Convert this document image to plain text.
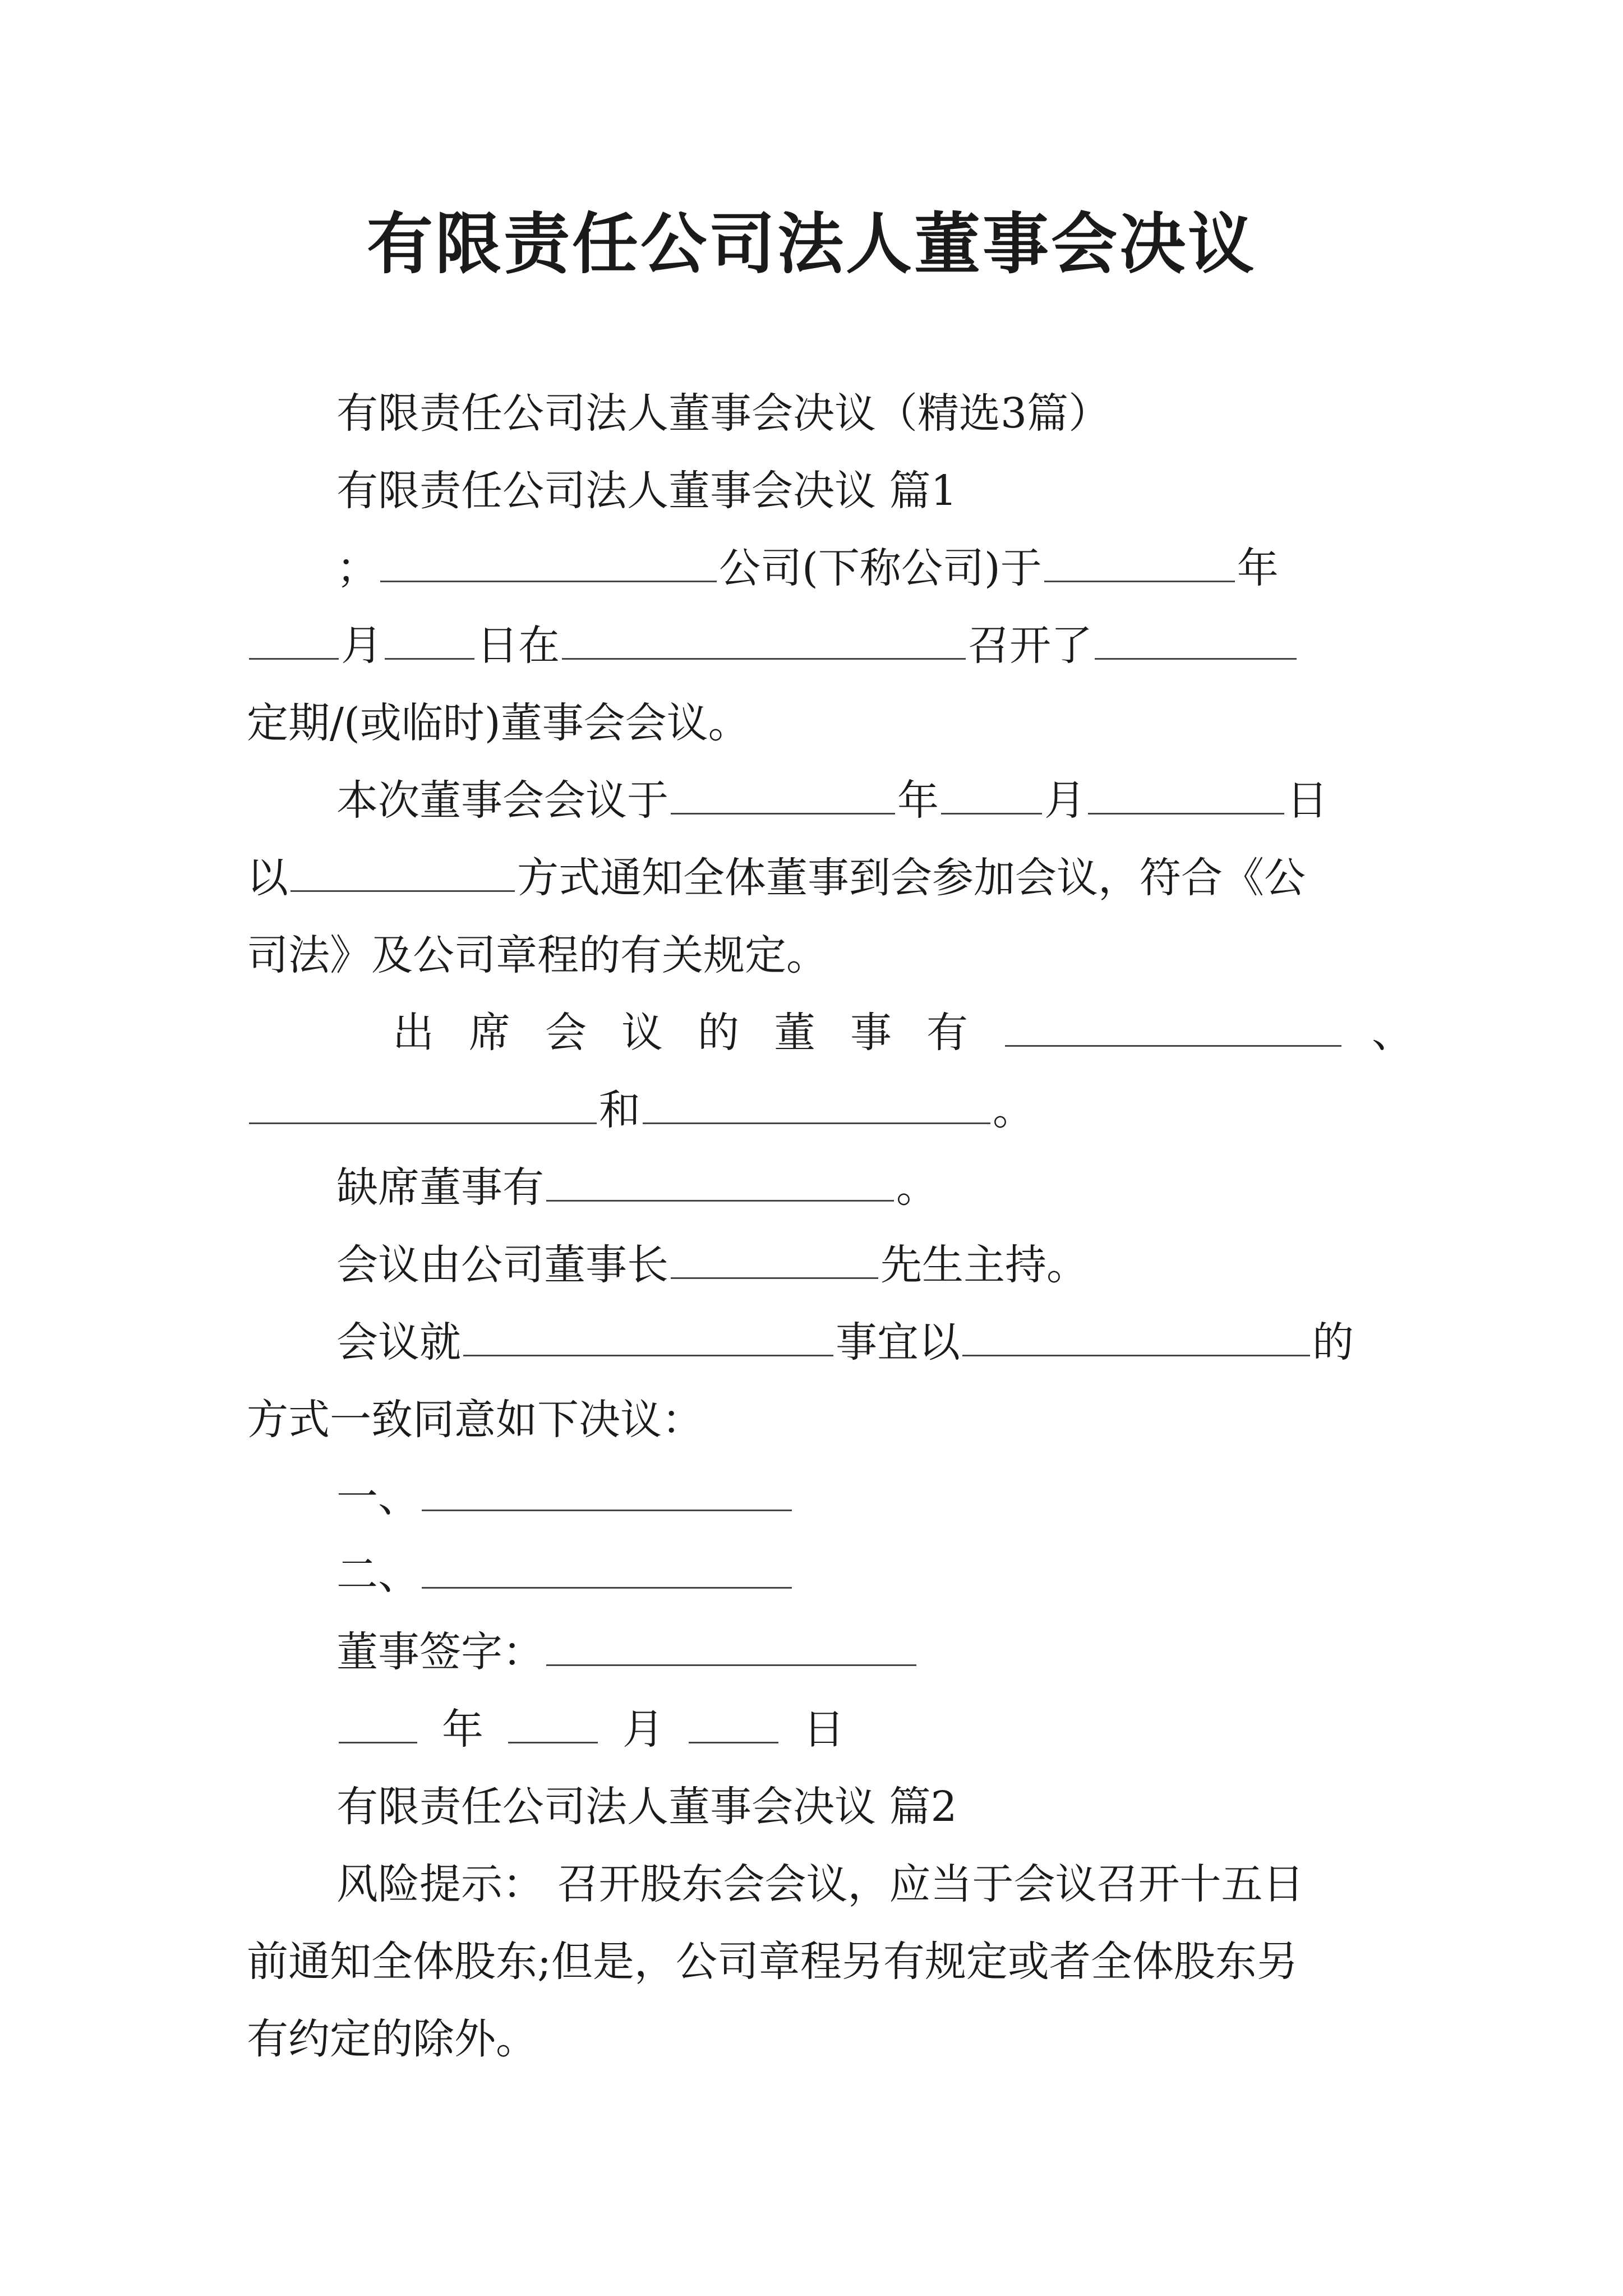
有限责任公司法人董事会决议
有限责任公司法人董事会决议（精选3篇）
有限责任公司法人董事会决议 篇1
；	公司(下称公司)于	年
月 日在	召开了
定期/(或临时)董事会会议。
本次董事会会议于	年	月	日
以	方式通知全体董事到会参加会议，符合《公
司法》及公司章程的有关规定。
出席会议的董事有	、
和	。
缺席董事有	。
会议由公司董事长	先生主持。
会议就	事宜以	的
方式一致同意如下决议：
一、
二、
董事签字：
年	月	日
有限责任公司法人董事会决议 篇2
风险提示： 召开股东会会议，应当于会议召开十五日
前通知全体股东;但是，公司章程另有规定或者全体股东另
有约定的除外。
